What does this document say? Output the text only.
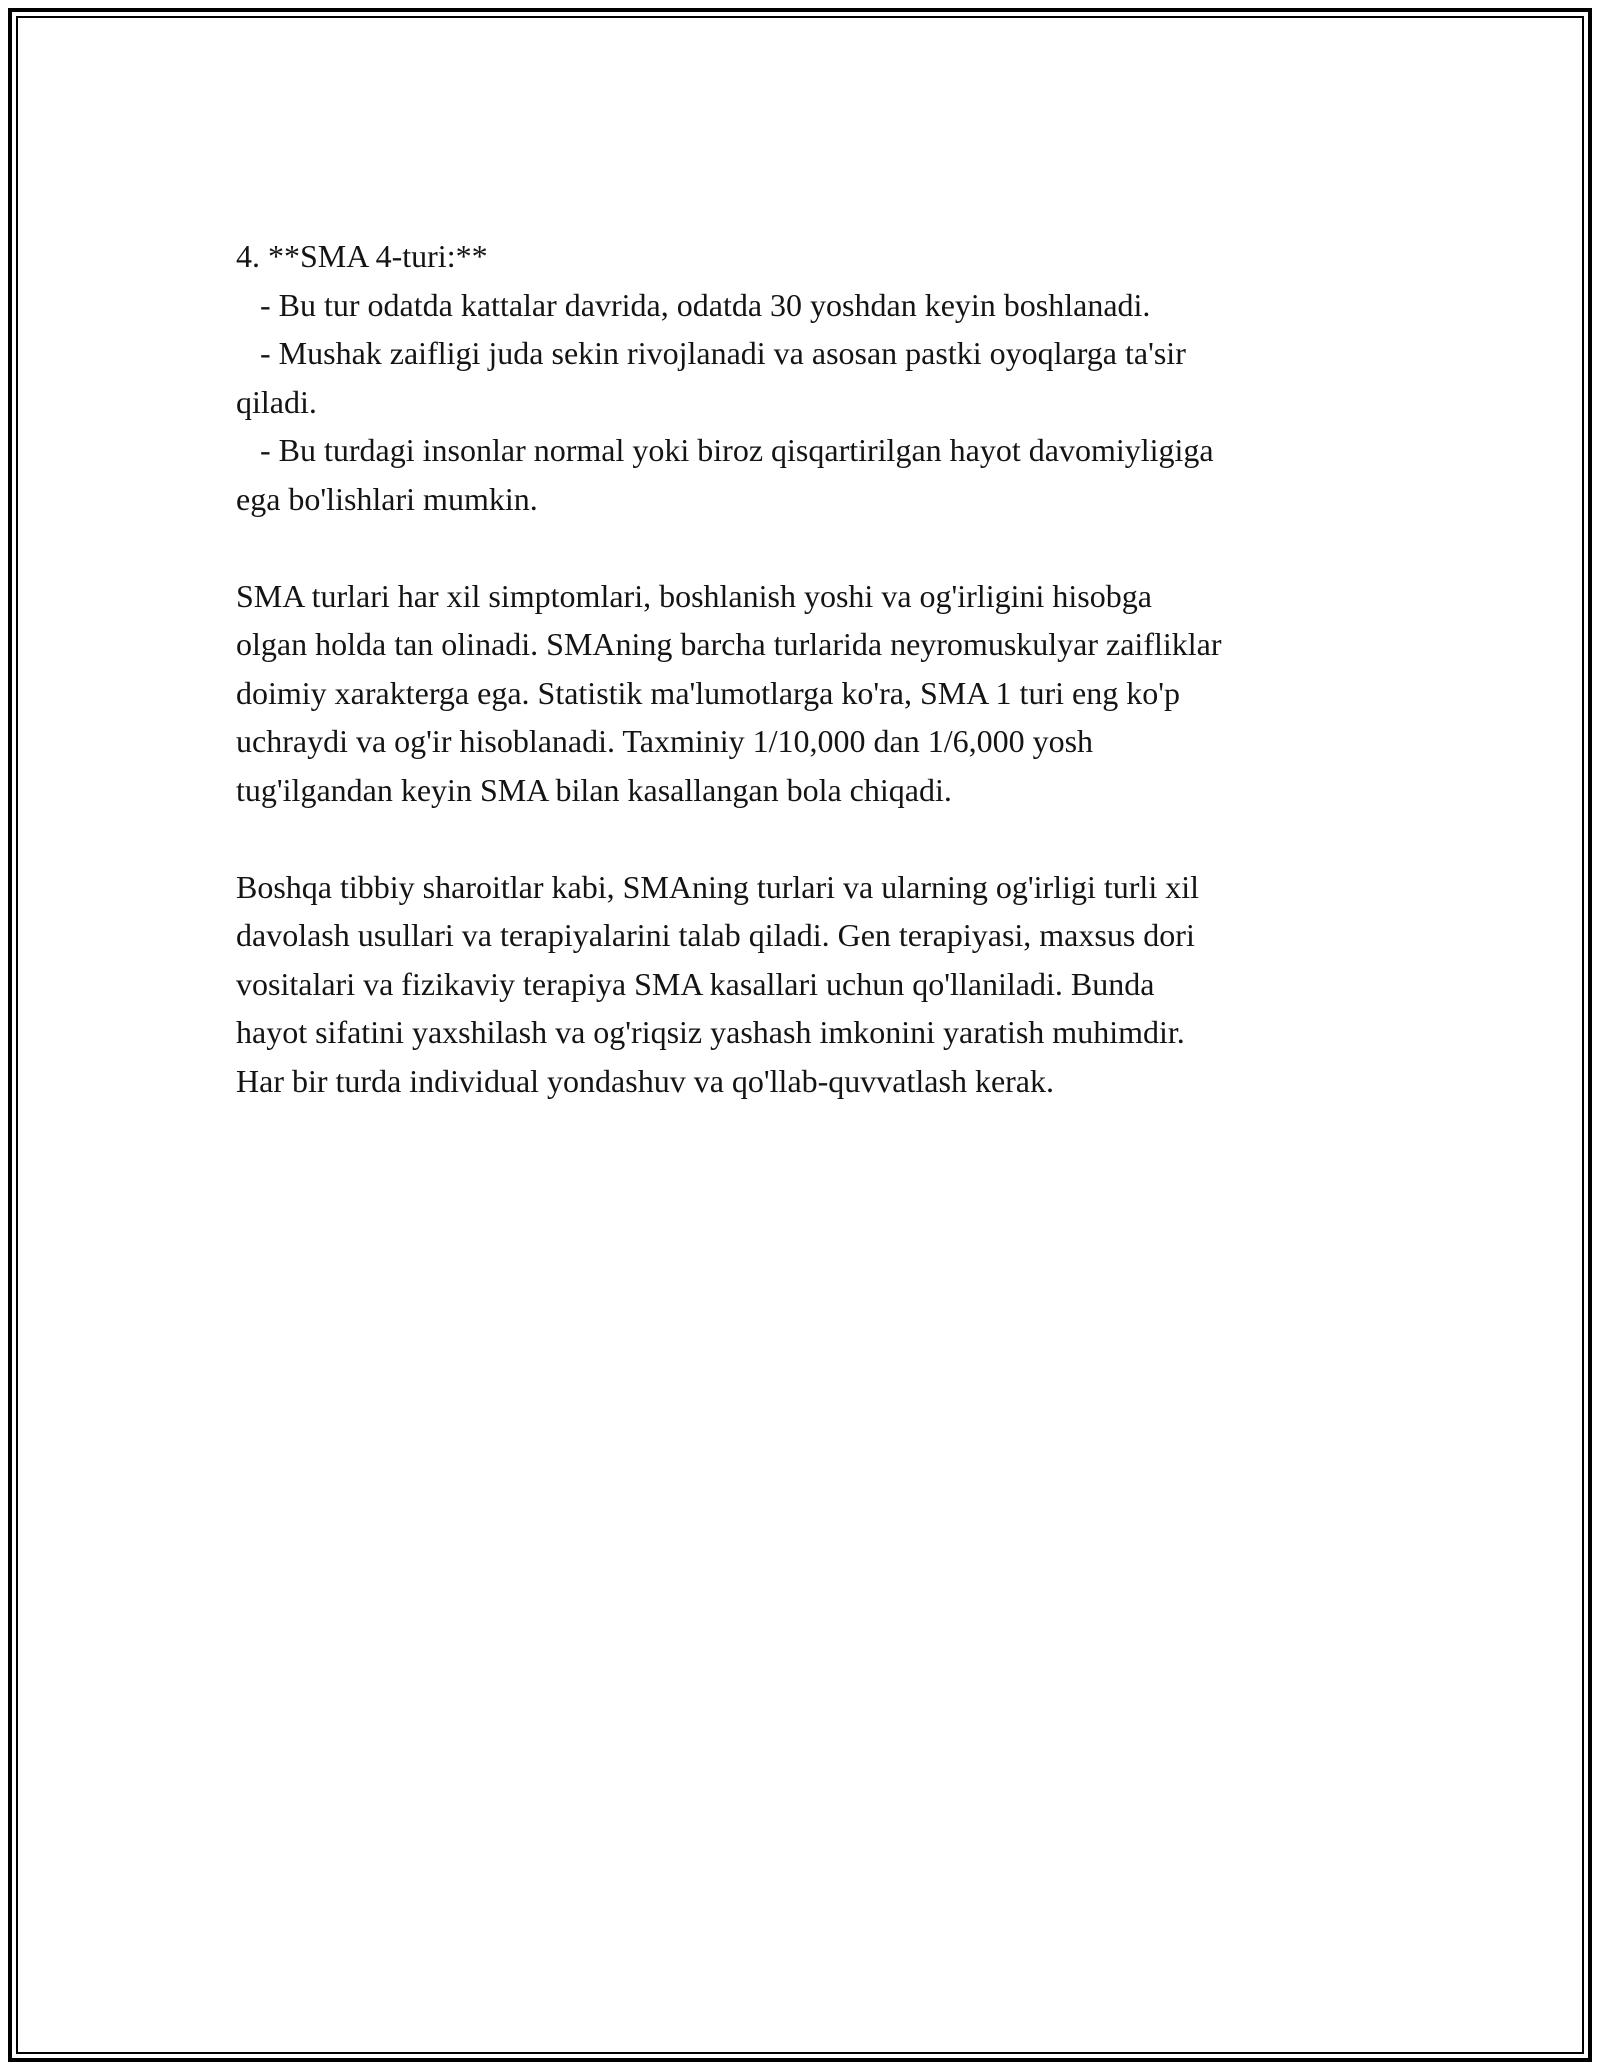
4. **SMA 4-turi:**

- Bu tur odatda kattalar davrida, odatda 30 yoshdan keyin boshlanadi.

- Mushak zaifligi juda sekin rivojlanadi va asosan pastki oyoqlarga ta'sir

qiladi.

- Bu turdagi insonlar normal yoki biroz qisqartirilgan hayot davomiyligiga

ega bo'lishlari mumkin.

SMA turlari har xil simptomlari, boshlanish yoshi va og'irligini hisobga

olgan holda tan olinadi. SMAning barcha turlarida neyromuskulyar zaifliklar

doimiy xarakterga ega. Statistik ma'lumotlarga ko'ra, SMA 1 turi eng ko'p

uchraydi va og'ir hisoblanadi. Taxminiy 1/10,000 dan 1/6,000 yosh

tug'ilgandan keyin SMA bilan kasallangan bola chiqadi.

Boshqa tibbiy sharoitlar kabi, SMAning turlari va ularning og'irligi turli xil

davolash usullari va terapiyalarini talab qiladi. Gen terapiyasi, maxsus dori

vositalari va fizikaviy terapiya SMA kasallari uchun qo'llaniladi. Bunda

hayot sifatini yaxshilash va og'riqsiz yashash imkonini yaratish muhimdir.

Har bir turda individual yondashuv va qo'llab-quvvatlash kerak.
